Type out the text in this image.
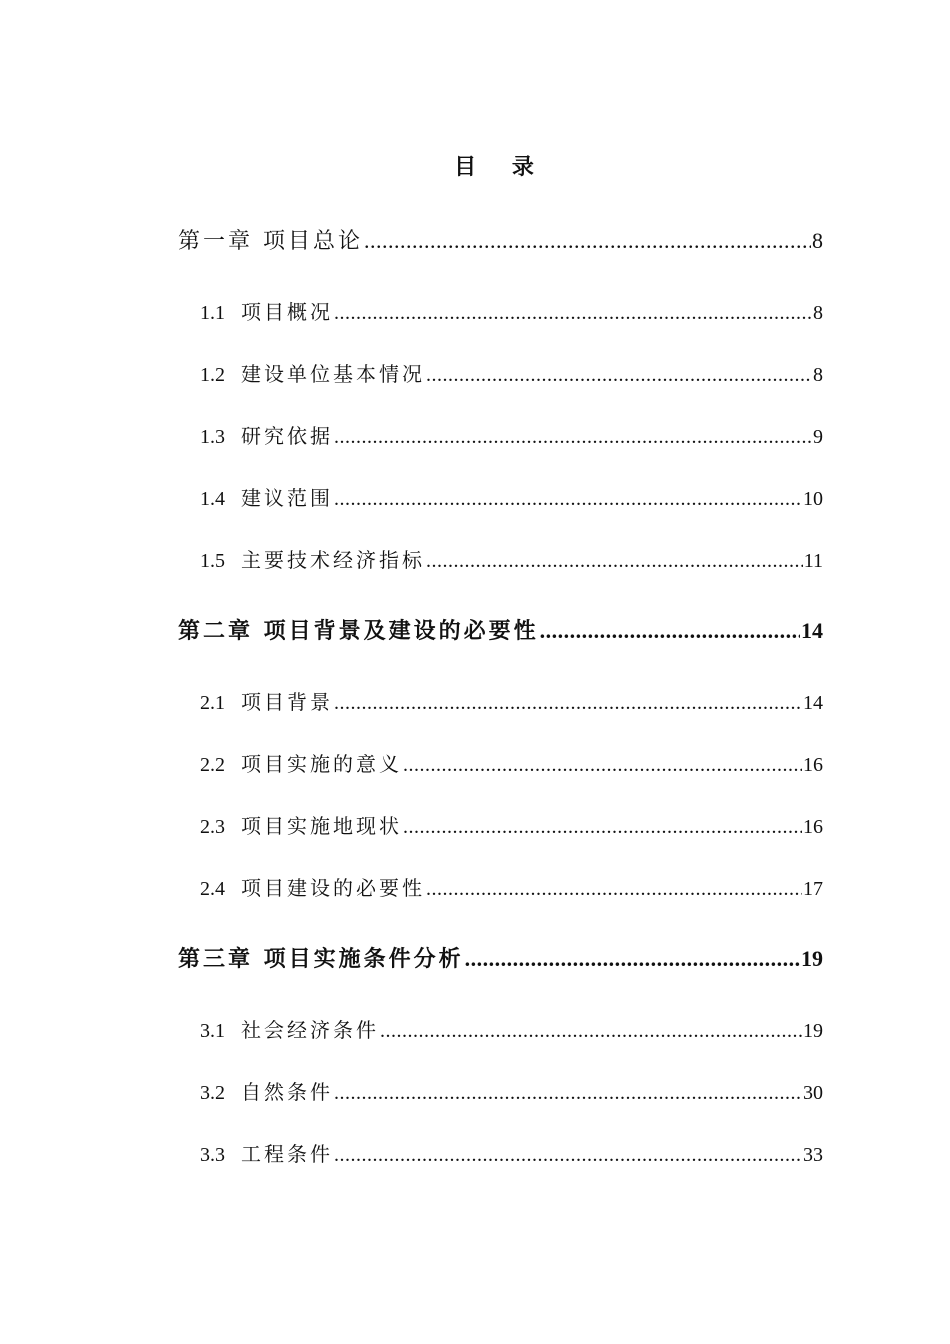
目 录
第一章 项目总论 .....	8
1.1 项目概况 .....	8
1.2 建设单位基本情况 .....	8
1.3 研究依据 .....	9
1.4 建议范围 .....	10
1.5 主要技术经济指标 .....	11
第二章 项目背景及建设的必要性 .....	14
2.1 项目背景 .....	14
2.2 项目实施的意义 .....	16
2.3 项目实施地现状 .....	16
2.4 项目建设的必要性 .....	17
第三章 项目实施条件分析 .....	19
3.1 社会经济条件 .....	19
3.2 自然条件 .....	30
3.3 工程条件 .....	33
